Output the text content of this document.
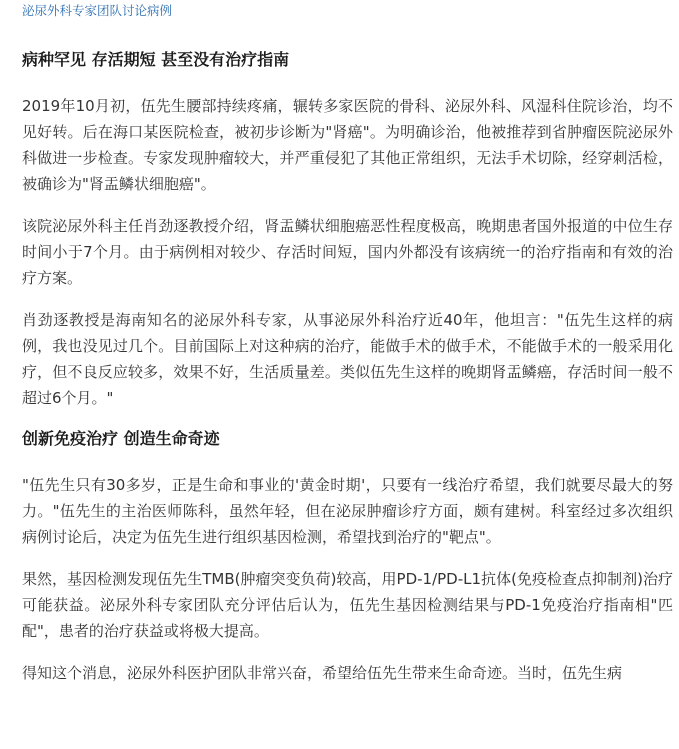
泌尿外科专家团队讨论病例
病种罕见 存活期短 甚至没有治疗指南

2019年10月初，伍先生腰部持续疼痛，辗转多家医院的骨科、泌尿外科、风湿科住院诊治，均不见好转。后在海口某医院检查，被初步诊断为"肾癌"。为明确诊治，他被推荐到省肿瘤医院泌尿外科做进一步检查。专家发现肿瘤较大，并严重侵犯了其他正常组织，无法手术切除，经穿刺活检，被确诊为"肾盂鳞状细胞癌"。

该院泌尿外科主任肖劲逐教授介绍，肾盂鳞状细胞癌恶性程度极高，晚期患者国外报道的中位生存时间小于7个月。由于病例相对较少、存活时间短，国内外都没有该病统一的治疗指南和有效的治疗方案。

肖劲逐教授是海南知名的泌尿外科专家，从事泌尿外科治疗近40年，他坦言："伍先生这样的病例，我也没见过几个。目前国际上对这种病的治疗，能做手术的做手术，不能做手术的一般采用化疗，但不良反应较多，效果不好，生活质量差。类似伍先生这样的晚期肾盂鳞癌，存活时间一般不超过6个月。"

创新免疫治疗 创造生命奇迹

"伍先生只有30多岁，正是生命和事业的'黄金时期'，只要有一线治疗希望，我们就要尽最大的努力。"伍先生的主治医师陈科，虽然年轻，但在泌尿肿瘤诊疗方面，颇有建树。科室经过多次组织病例讨论后，决定为伍先生进行组织基因检测，希望找到治疗的"靶点"。

果然，基因检测发现伍先生TMB(肿瘤突变负荷)较高，用PD-1/PD-L1抗体(免疫检查点抑制剂)治疗可能获益。泌尿外科专家团队充分评估后认为，伍先生基因检测结果与PD-1免疫治疗指南相"匹配"，患者的治疗获益或将极大提高。

得知这个消息，泌尿外科医护团队非常兴奋，希望给伍先生带来生命奇迹。当时，伍先生病
